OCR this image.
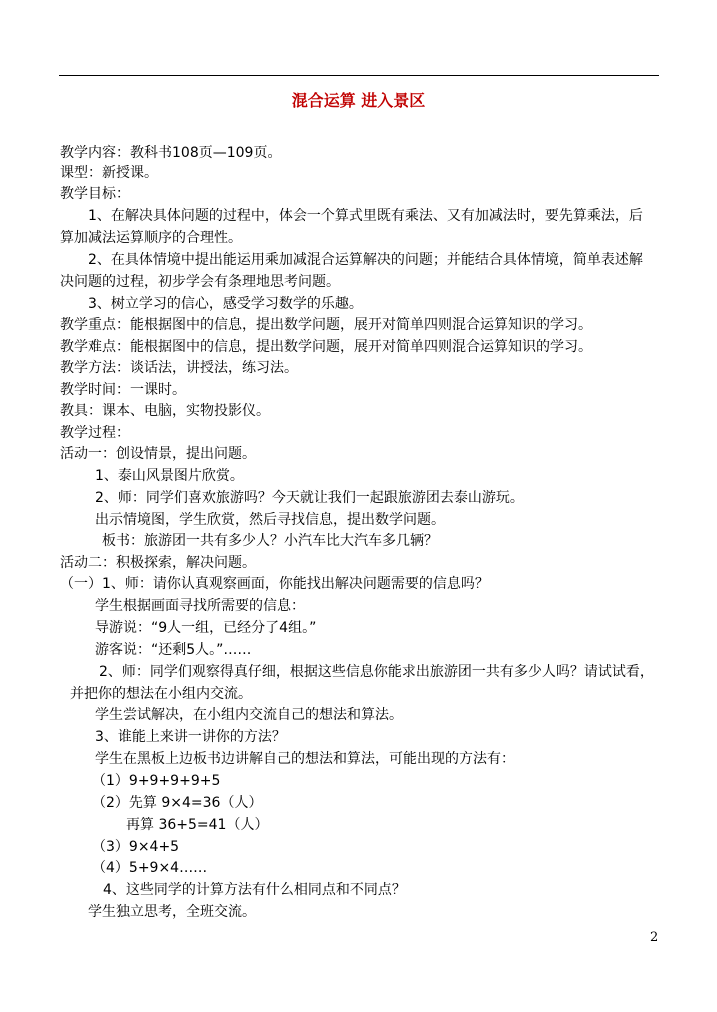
混合运算 进入景区
教学内容：教科书108页—109页。
课型：新授课。
教学目标：
1、在解决具体问题的过程中，体会一个算式里既有乘法、又有加减法时，要先算乘法，后
算加减法运算顺序的合理性。
2、在具体情境中提出能运用乘加减混合运算解决的问题；并能结合具体情境，简单表述解
决问题的过程，初步学会有条理地思考问题。
3、树立学习的信心，感受学习数学的乐趣。
教学重点：能根据图中的信息，提出数学问题，展开对简单四则混合运算知识的学习。
教学难点：能根据图中的信息，提出数学问题，展开对简单四则混合运算知识的学习。
教学方法：谈话法，讲授法，练习法。
教学时间：一课时。
教具：课本、电脑，实物投影仪。
教学过程：
活动一：创设情景，提出问题。
1、泰山风景图片欣赏。
2、师：同学们喜欢旅游吗？今天就让我们一起跟旅游团去泰山游玩。
出示情境图，学生欣赏，然后寻找信息，提出数学问题。
板书：旅游团一共有多少人？小汽车比大汽车多几辆？
活动二：积极探索，解决问题。
（一）1、师：请你认真观察画面，你能找出解决问题需要的信息吗？
学生根据画面寻找所需要的信息：
导游说：“9人一组，已经分了4组。”
游客说：“还剩5人。”……
2、师：同学们观察得真仔细，根据这些信息你能求出旅游团一共有多少人吗？请试试看，
并把你的想法在小组内交流。
学生尝试解决，在小组内交流自己的想法和算法。
3、谁能上来讲一讲你的方法？
学生在黑板上边板书边讲解自己的想法和算法，可能出现的方法有：
（1）9+9+9+9+5
（2）先算 9×4=36（人）
再算 36+5=41（人）
（3）9×4+5
（4）5+9×4……
4、这些同学的计算方法有什么相同点和不同点？
学生独立思考，全班交流。
2
